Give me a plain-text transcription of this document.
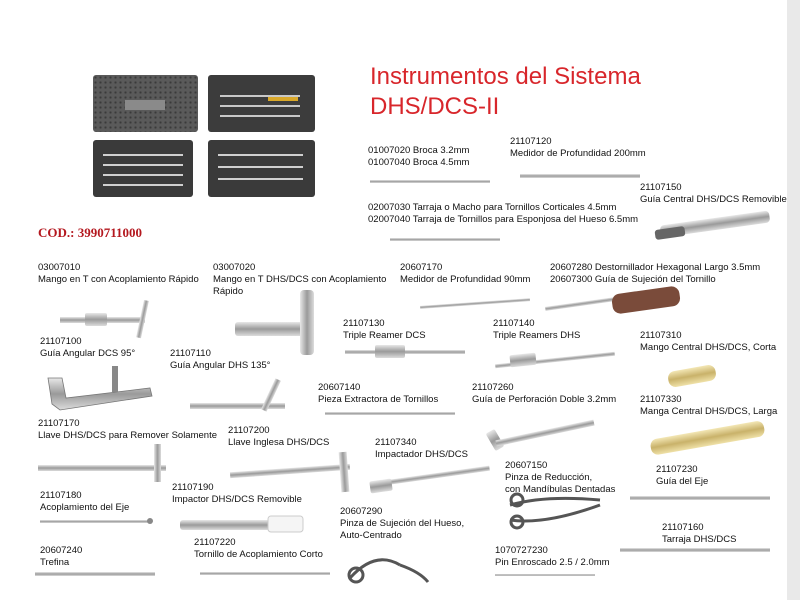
Instrumentos del Sistema
DHS/DCS-II
COD.: 3990711000
01007020 Broca 3.2mm
01007040 Broca 4.5mm
21107120
Medidor de Profundidad 200mm
21107150
Guía Central DHS/DCS Removible
02007030 Tarraja o Macho para Tornillos Corticales 4.5mm
02007040 Tarraja de Tornillos para Esponjosa del Hueso 6.5mm
03007010
Mango en T con Acoplamiento Rápido
03007020
Mango en T DHS/DCS con Acoplamiento
Rápido
20607170
Medidor de Profundidad 90mm
20607280 Destornillador Hexagonal Largo 3.5mm
20607300 Guía de Sujeción del Tornillo
21107100
Guía Angular DCS 95°
21107130
Triple Reamer DCS
21107140
Triple Reamers DHS	21107310
Mango Central DHS/DCS, Corta
21107110
Guía Angular DHS 135°
20607140
Pieza Extractora de Tornillos
21107260
Guía de Perforación Doble 3.2mm	21107330
Manga Central DHS/DCS, Larga
21107170
Llave DHS/DCS para Remover Solamente 21107200
Llave Inglesa DHS/DCS	21107340
Impactador DHS/DCS
20607150
Pinza de Reducción,
con Mandíbulas Dentadas
21107230
Guía del Eje
21107180
Acoplamiento del Eje
21107190
Impactor DHS/DCS Removible
20607290
Pinza de Sujeción del Hueso,
Auto-Centrado
21107160
Tarraja DHS/DCS
20607240
Trefina
21107220
Tornillo de Acoplamiento Corto	1070727230
Pin Enroscado 2.5 / 2.0mm
